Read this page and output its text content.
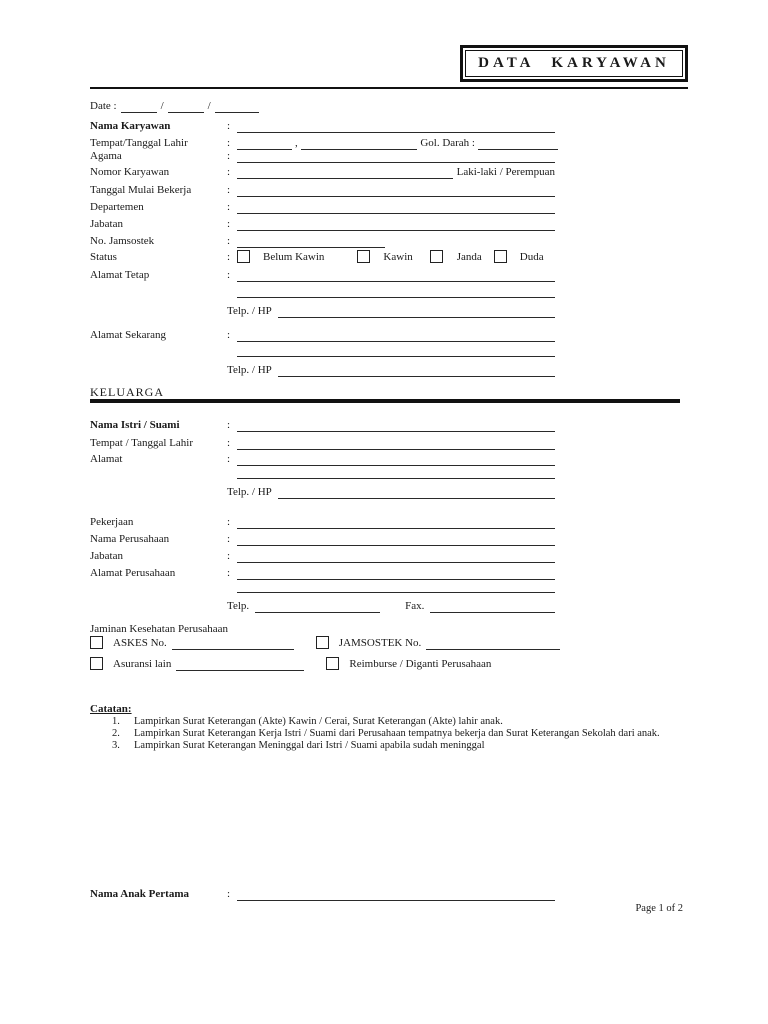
DATA KARYAWAN
Date :	/	/
Nama Karyawan	:
Tempat/Tanggal Lahir	:	,	Gol. Darah :
Agama	:
Nomor Karyawan	:	Laki-laki / Perempuan
Tanggal Mulai Bekerja	:
Departemen	:
Jabatan	:
No. Jamsostek	:
Status	:	Belum Kawin	Kawin	Janda	Duda
Alamat Tetap	:
Telp. / HP
Alamat Sekarang	:
Telp. / HP
KELUARGA
Nama Istri / Suami	:
Tempat / Tanggal Lahir	:
Alamat	:
Telp. / HP
Pekerjaan	:
Nama Perusahaan	:
Jabatan	:
Alamat Perusahaan	:
Telp.	Fax.
Jaminan Kesehatan Perusahaan
ASKES No.	JAMSOSTEK No.
Asuransi lain	Reimburse / Diganti Perusahaan
Catatan:
1.	Lampirkan Surat Keterangan (Akte) Kawin / Cerai, Surat Keterangan (Akte) lahir anak.
2.	Lampirkan Surat Keterangan Kerja Istri / Suami dari Perusahaan tempatnya bekerja dan Surat Keterangan Sekolah dari anak.
3.	Lampirkan Surat Keterangan Meninggal dari Istri / Suami apabila sudah meninggal
Nama Anak Pertama	:
Page 1 of 2
